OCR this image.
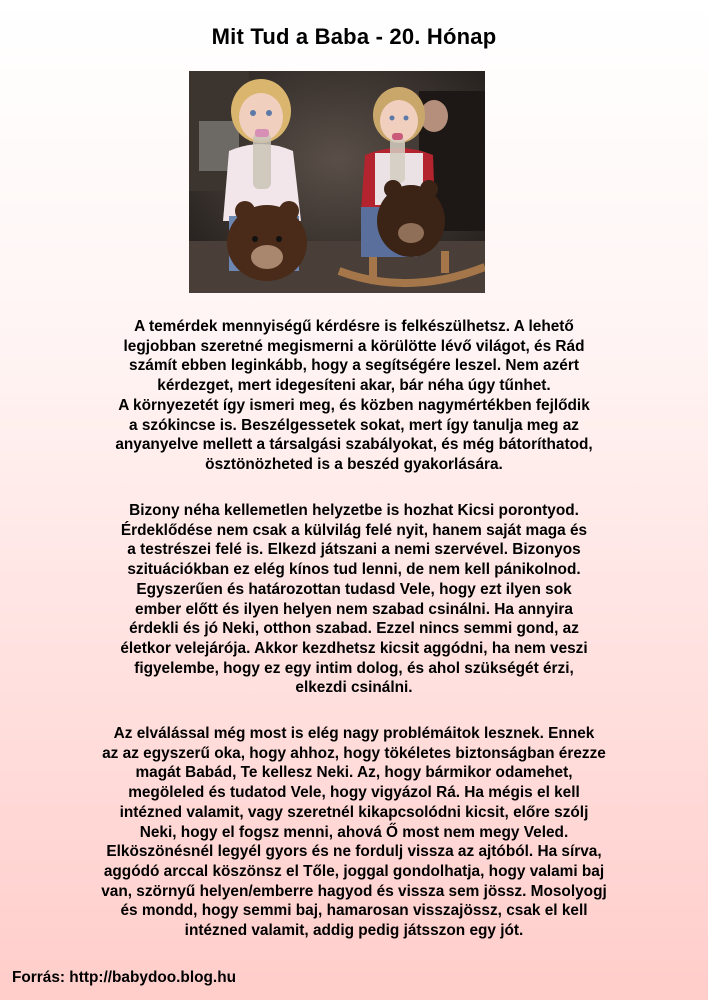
Mit Tud a Baba - 20. Hónap
A temérdek mennyiségű kérdésre is felkészülhetsz. A lehető
legjobban szeretné megismerni a körülötte lévő világot, és Rád
számít ebben leginkább, hogy a segítségére leszel. Nem azért
kérdezget, mert idegesíteni akar, bár néha úgy tűnhet.
A környezetét így ismeri meg, és közben nagymértékben fejlődik
a szókincse is. Beszélgessetek sokat, mert így tanulja meg az
anyanyelve mellett a társalgási szabályokat, és még bátoríthatod,
ösztönözheted is a beszéd gyakorlására.
Bizony néha kellemetlen helyzetbe is hozhat Kicsi porontyod.
Érdeklődése nem csak a külvilág felé nyit, hanem saját maga és
a testrészei felé is. Elkezd játszani a nemi szervével. Bizonyos
szituációkban ez elég kínos tud lenni, de nem kell pánikolnod.
Egyszerűen és határozottan tudasd Vele, hogy ezt ilyen sok
ember előtt és ilyen helyen nem szabad csinálni. Ha annyira
érdekli és jó Neki, otthon szabad. Ezzel nincs semmi gond, az
életkor velejárója. Akkor kezdhetsz kicsit aggódni, ha nem veszi
figyelembe, hogy ez egy intim dolog, és ahol szükségét érzi,
elkezdi csinálni.
Az elválással még most is elég nagy problémáitok lesznek. Ennek
az az egyszerű oka, hogy ahhoz, hogy tökéletes biztonságban érezze
magát Babád, Te kellesz Neki. Az, hogy bármikor odamehet,
megöleled és tudatod Vele, hogy vigyázol Rá. Ha mégis el kell
intézned valamit, vagy szeretnél kikapcsolódni kicsit, előre szólj
Neki, hogy el fogsz menni, ahová Ő most nem megy Veled.
Elköszönésnél legyél gyors és ne fordulj vissza az ajtóból. Ha sírva,
aggódó arccal köszönsz el Tőle, joggal gondolhatja, hogy valami baj
van, szörnyű helyen/emberre hagyod és vissza sem jössz. Mosolyogj
és mondd, hogy semmi baj, hamarosan visszajössz, csak el kell
intézned valamit, addig pedig játsszon egy jót.
Forrás: http://babydoo.blog.hu
